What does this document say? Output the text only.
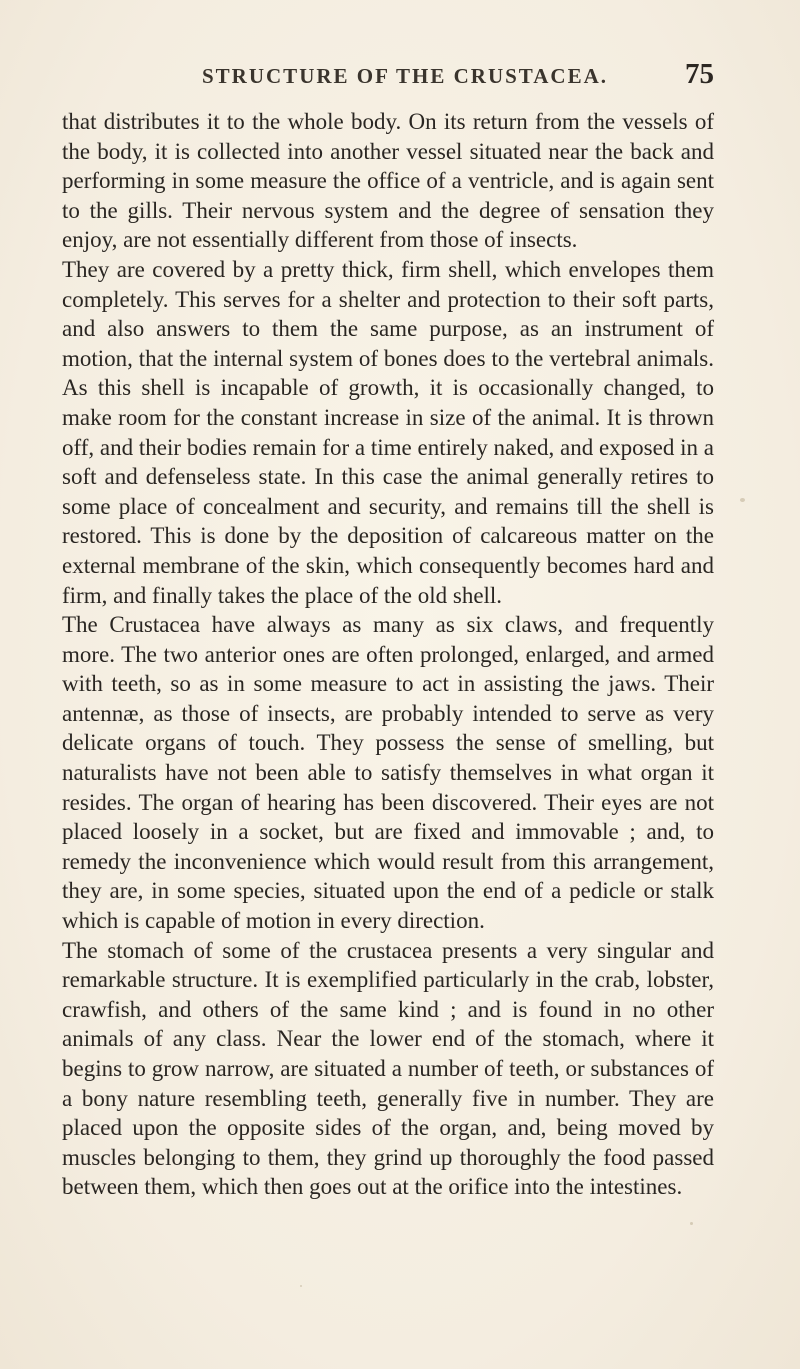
STRUCTURE OF THE CRUSTACEA.	75

that distributes it to the whole body. On its return from the vessels of the body, it is collected into another vessel situated near the back and performing in some measure the office of a ventricle, and is again sent to the gills. Their nervous system and the degree of sensation they enjoy, are not essentially different from those of insects.

They are covered by a pretty thick, firm shell, which envelopes them completely. This serves for a shelter and protection to their soft parts, and also answers to them the same purpose, as an instrument of motion, that the internal system of bones does to the vertebral animals. As this shell is incapable of growth, it is occasionally changed, to make room for the constant increase in size of the animal. It is thrown off, and their bodies remain for a time entirely naked, and exposed in a soft and defenseless state. In this case the animal generally retires to some place of concealment and security, and remains till the shell is restored. This is done by the deposition of calcareous matter on the external membrane of the skin, which consequently becomes hard and firm, and finally takes the place of the old shell.

The Crustacea have always as many as six claws, and frequently more. The two anterior ones are often prolonged, enlarged, and armed with teeth, so as in some measure to act in assisting the jaws. Their antennæ, as those of insects, are probably intended to serve as very delicate organs of touch. They possess the sense of smelling, but naturalists have not been able to satisfy themselves in what organ it resides. The organ of hearing has been discovered. Their eyes are not placed loosely in a socket, but are fixed and immovable ; and, to remedy the inconvenience which would result from this arrangement, they are, in some species, situated upon the end of a pedicle or stalk which is capable of motion in every direction.

The stomach of some of the crustacea presents a very singular and remarkable structure. It is exemplified particularly in the crab, lobster, crawfish, and others of the same kind ; and is found in no other animals of any class. Near the lower end of the stomach, where it begins to grow narrow, are situated a number of teeth, or substances of a bony nature resembling teeth, generally five in number. They are placed upon the opposite sides of the organ, and, being moved by muscles belonging to them, they grind up thoroughly the food passed between them, which then goes out at the orifice into the intestines.
